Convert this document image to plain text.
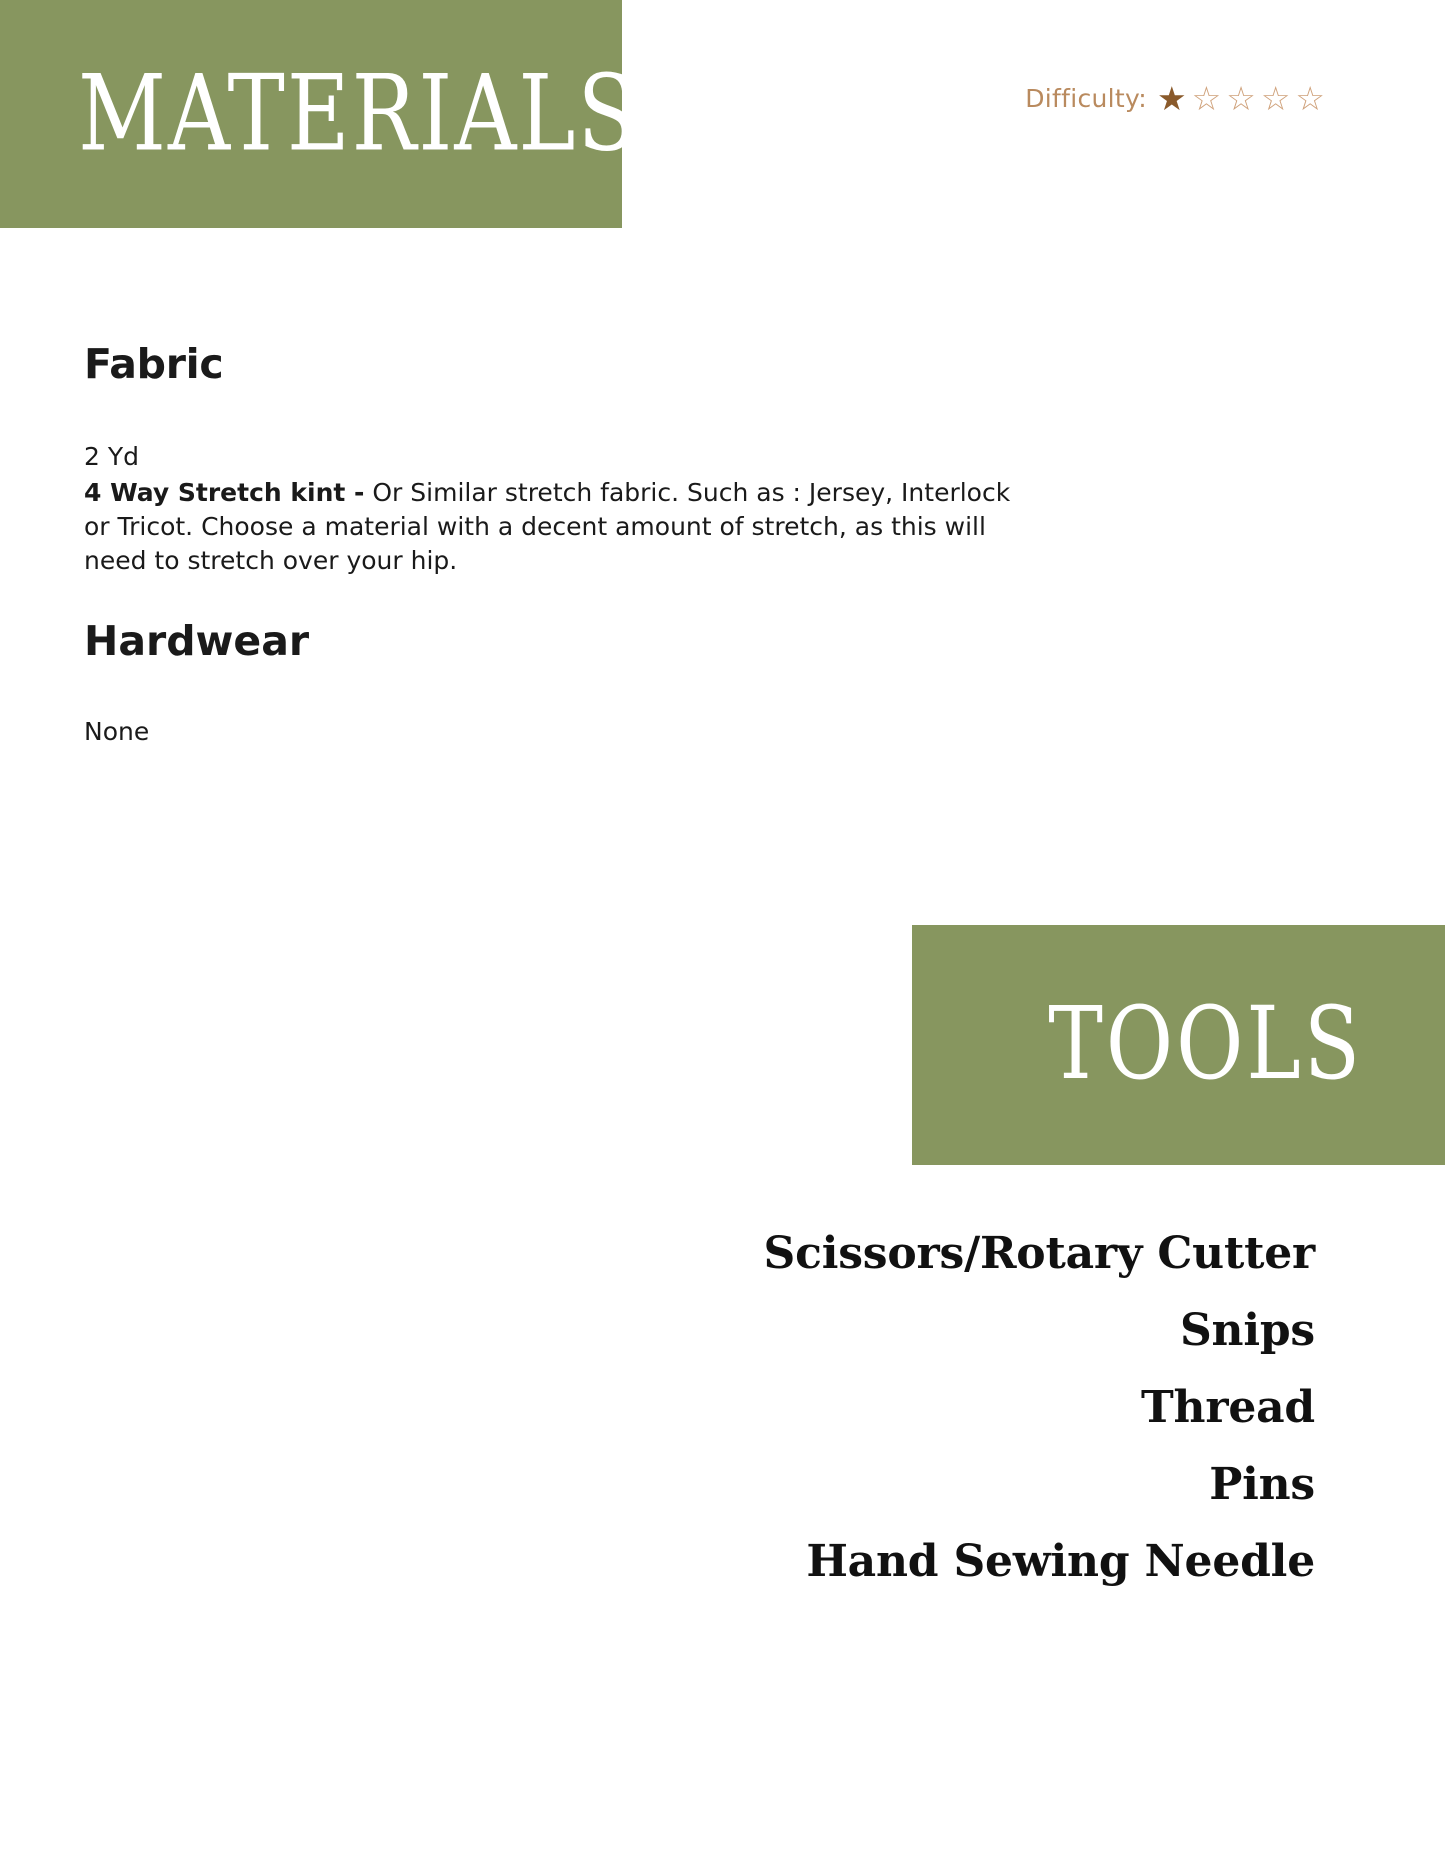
MATERIALS	Difficulty: ★ ☆ ☆ ☆ ☆
Fabric

2 Yd

4 Way Stretch kint - Or Similar stretch fabric. Such as : Jersey, Interlock or Tricot. Choose a material with a decent amount of stretch, as this will need to stretch over your hip.

Hardwear

None

TOOLS
Scissors/Rotary Cutter
Snips
Thread
Pins
Hand Sewing Needle
